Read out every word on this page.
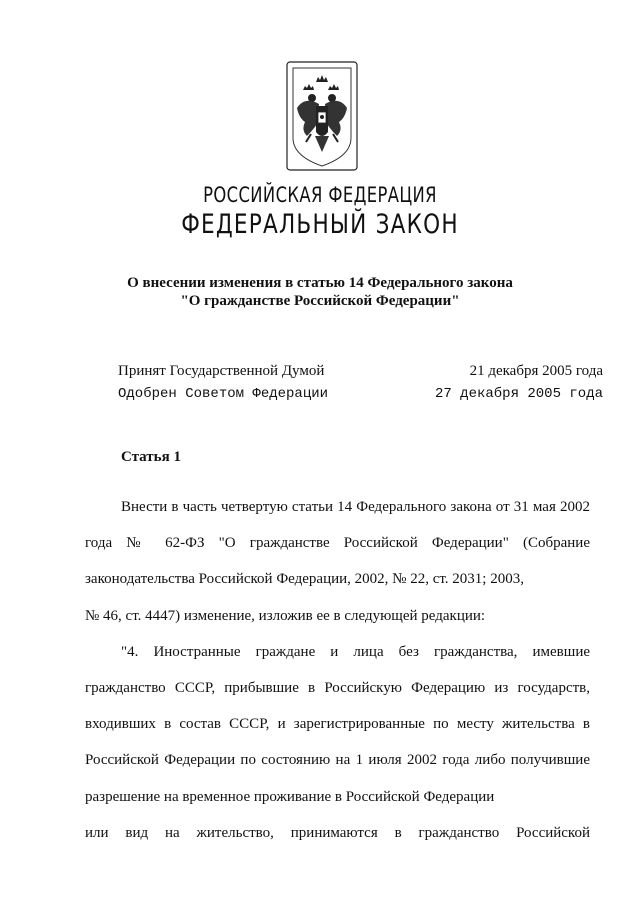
РОССИЙСКАЯ ФЕДЕРАЦИЯ
ФЕДЕРАЛЬНЫЙ ЗАКОН
О внесении изменения в статью 14 Федерального закона
"О гражданстве Российской Федерации"
Принят Государственной Думой	21 декабря 2005 года
Одобрен Советом Федерации	27 декабря 2005 года
Статья 1

Внести в часть четвертую статьи 14 Федерального закона от 31 мая 2002 года № 62-ФЗ "О гражданстве Российской Федерации" (Собрание законодательства Российской Федерации, 2002, № 22, ст. 2031; 2003,

№ 46, ст. 4447) изменение, изложив ее в следующей редакции:

"4. Иностранные граждане и лица без гражданства, имевшие гражданство СССР, прибывшие в Российскую Федерацию из государств, входивших в состав СССР, и зарегистрированные по месту жительства в Российской Федерации по состоянию на 1 июля 2002 года либо получившие разрешение на временное проживание в Российской Федерации

или вид на жительство, принимаются в гражданство Российской
